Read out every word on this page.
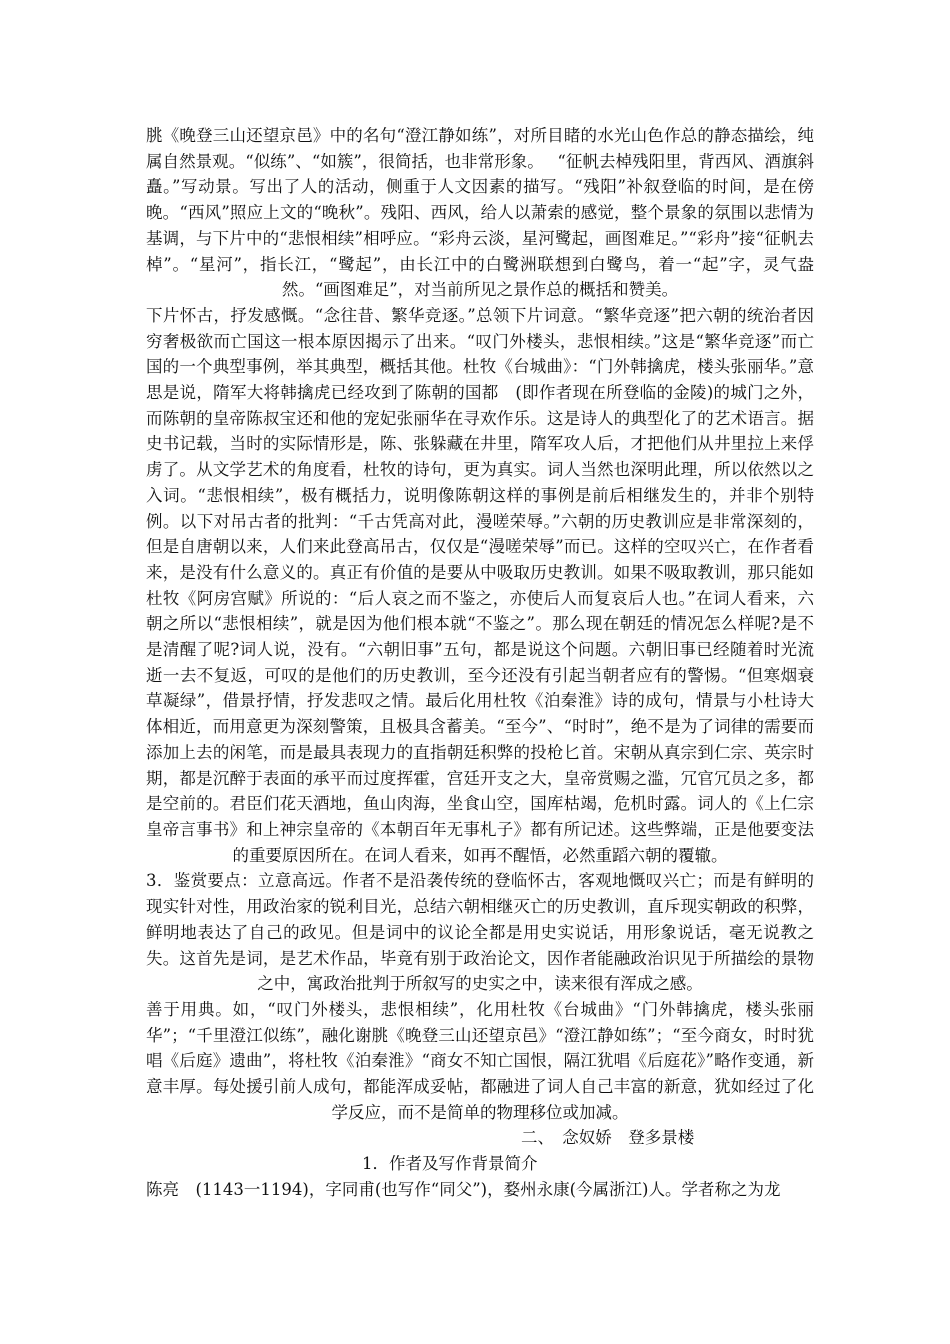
朓《晚登三山还望京邑》中的名句“澄江静如练”，对所目睹的水光山色作总的静态描绘，纯属自然景观。“似练”、“如簇”，很简括，也非常形象。　 “征帆去棹残阳里，背西风、酒旗斜矗。”写动景。写出了人的活动，侧重于人文因素的描写。“残阳”补叙登临的时间，是在傍晚。“西风”照应上文的“晚秋”。残阳、西风，给人以萧索的感觉，整个景象的氛围以悲情为基调，与下片中的“悲恨相续”相呼应。“彩舟云淡，星河鹭起，画图难足。”“彩舟”接“征帆去棹”。“星河”，指长江，“鹭起”，由长江中的白鹭洲联想到白鹭鸟，着一“起”字，灵气盎然。“画图难足”，对当前所见之景作总的概括和赞美。

下片怀古，抒发感慨。“念往昔、繁华竞逐。”总领下片词意。“繁华竞逐”把六朝的统治者因穷奢极欲而亡国这一根本原因揭示了出来。“叹门外楼头，悲恨相续。”这是“繁华竞逐”而亡国的一个典型事例，举其典型，概括其他。杜牧《台城曲》：“门外韩擒虎，楼头张丽华。”意思是说，隋军大将韩擒虎已经攻到了陈朝的国都　(即作者现在所登临的金陵)的城门之外，而陈朝的皇帝陈叔宝还和他的宠妃张丽华在寻欢作乐。这是诗人的典型化了的艺术语言。据史书记载，当时的实际情形是，陈、张躲藏在井里，隋军攻人后，才把他们从井里拉上来俘虏了。从文学艺术的角度看，杜牧的诗句，更为真实。词人当然也深明此理，所以依然以之入词。“悲恨相续”，极有概括力，说明像陈朝这样的事例是前后相继发生的，并非个别特例。以下对吊古者的批判：“千古凭高对此，漫嗟荣辱。”六朝的历史教训应是非常深刻的，但是自唐朝以来，人们来此登高吊古，仅仅是“漫嗟荣辱”而已。这样的空叹兴亡，在作者看来，是没有什么意义的。真正有价值的是要从中吸取历史教训。如果不吸取教训，那只能如杜牧《阿房宫赋》所说的：“后人哀之而不鉴之，亦使后人而复哀后人也。”在词人看来，六朝之所以“悲恨相续”，就是因为他们根本就“不鉴之”。那么现在朝廷的情况怎么样呢?是不是清醒了呢?词人说，没有。“六朝旧事”五句，都是说这个问题。六朝旧事已经随着时光流逝一去不复返，可叹的是他们的历史教训，至今还没有引起当朝者应有的警惕。“但寒烟衰草凝绿”，借景抒情，抒发悲叹之情。最后化用杜牧《泊秦淮》诗的成句，情景与小杜诗大体相近，而用意更为深刻警策，且极具含蓄美。“至今”、“时时”，绝不是为了词律的需要而添加上去的闲笔，而是最具表现力的直指朝廷积弊的投枪匕首。宋朝从真宗到仁宗、英宗时期，都是沉醉于表面的承平而过度挥霍，宫廷开支之大，皇帝赏赐之滥，冗官冗员之多，都是空前的。君臣们花天酒地，鱼山肉海，坐食山空，国库枯竭，危机时露。词人的《上仁宗皇帝言事书》和上神宗皇帝的《本朝百年无事札子》都有所记述。这些弊端，正是他要变法的重要原因所在。在词人看来，如再不醒悟，必然重蹈六朝的覆辙。

3．鉴赏要点：立意高远。作者不是沿袭传统的登临怀古，客观地慨叹兴亡；而是有鲜明的现实针对性，用政治家的锐利目光，总结六朝相继灭亡的历史教训，直斥现实朝政的积弊，鲜明地表达了自己的政见。但是词中的议论全都是用史实说话，用形象说话，毫无说教之失。这首先是词，是艺术作品，毕竟有别于政治论文，因作者能融政治识见于所描绘的景物之中，寓政治批判于所叙写的史实之中，读来很有浑成之感。

善于用典。如，“叹门外楼头，悲恨相续”，化用杜牧《台城曲》“门外韩擒虎，楼头张丽华”；“千里澄江似练”，融化谢朓《晚登三山还望京邑》“澄江静如练”；“至今商女，时时犹唱《后庭》遗曲”，将杜牧《泊秦淮》“商女不知亡国恨，隔江犹唱《后庭花》”略作变通，新意丰厚。每处援引前人成句，都能浑成妥帖，都融进了词人自己丰富的新意，犹如经过了化学反应，而不是简单的物理移位或加减。

二、　念奴娇　登多景楼

1．作者及写作背景简介

陈亮　(1143一1194)，字同甫(也写作“同父”)，婺州永康(今属浙江)人。学者称之为龙
